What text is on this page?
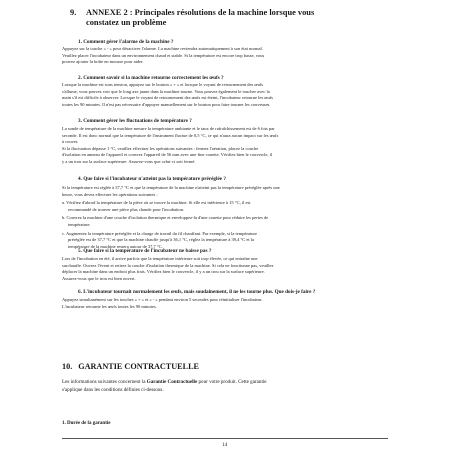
9. ANNEXE 2 : Principales résolutions de la machine lorsque vous
constatez un problème
1. Comment gérer l'alarme de la machine ?

Appuyez sur la touche « - » pour désactiver l'alarme. La machine reviendra automatiquement à son état normal.

Veuillez placer l'incubateur dans un environnement chaud et stable. Si la température est encore trop basse, vous

pouvez ajouter la boîte en mousse pour aider.

2. Comment savoir si la machine retourne correctement les œufs ?

Lorsque la machine est sous tension, appuyez sur le bouton « + » et lorsque le voyant de retournement des œufs

s'allume, vous pouvez voir que le long axe jaune dans la machine tourne. Vous pouvez également le toucher avec la

main s'il est difficile à observer. Lorsque le voyant de retournement des œufs est éteint, l'incubateur retourne les œufs

toutes les 90 minutes. Il n'est pas nécessaire d'appuyer manuellement sur le bouton pour faire tourner les couveuses.

3. Comment gérer les fluctuations de température ?

La sonde de température de la machine mesure la température ambiante et le taux de rafraîchissement est de 6 fois par

seconde. Il est donc normal que la température de l'instrument fluctue de 0,5 °C, ce qui n'aura aucun impact sur les œufs

à couver.

Si la fluctuation dépasse 1 °C, veuillez effectuer les opérations suivantes : fermez l'aération, placez la couche

d'isolation en anneau de l'appareil et couvrez l'appareil de 56 mm avec une fine couette. Vérifiez bien le couvercle, il

y a un trou sur la surface supérieure. Assurez-vous que celui-ci soit fermé.

4. Que faire si l'incubateur n'atteint pas la température préréglée ?

Si la température est réglée à 37,7 °C et que la température de la machine n'atteint pas la température préréglée après une

heure, vous devez effectuer les opérations suivantes :

a. Vérifiez d'abord la température de la pièce où se trouve la machine. Si elle est inférieure à 15 °C, il est

recommandé de trouver une pièce plus chaude pour l'incubation.

b. Couvrez la machine d'une couche d'isolation thermique et enveloppez-la d'une couette pour réduire les pertes de

température.

c. Augmentez la température préréglée et la charge de travail du fil chauffant. Par exemple, si la température

préréglée est de 37,7 °C et que la machine chauffe jusqu'à 36,1 °C, réglez la température à 39,4 °C et la

température de la machine restera autour de 37,7 °C.

5. Que faire si la température de l'incubateur ne baisse pas ?

Lors de l'incubation en été, il arrive parfois que la température intérieure soit trop élevée, ce qui entraîne une

surchauffe. Ouvrez l'évent et retirez la couche d'isolation thermique de la machine. Si cela ne fonctionne pas, veuillez

déplacer la machine dans un endroit plus frais. Vérifiez bien le couvercle, il y a un trou sur la surface supérieure.

Assurez-vous que le trou est bien ouvert.

6. L'incubateur tournait normalement les œufs, mais soudainement, il ne les tourne plus. Que dois-je faire ?

Appuyez simultanément sur les touches « + » et « - » pendant environ 5 secondes pour réinitialiser l'incubateur.

L'incubateur retourne les œufs toutes les 90 minutes.

10. GARANTIE CONTRACTUELLE
Les informations suivantes concernent la Garantie Contractuelle pour votre produit. Cette garantie
s'applique dans les conditions définies ci-dessous.
1. Durée de la garantie
14
